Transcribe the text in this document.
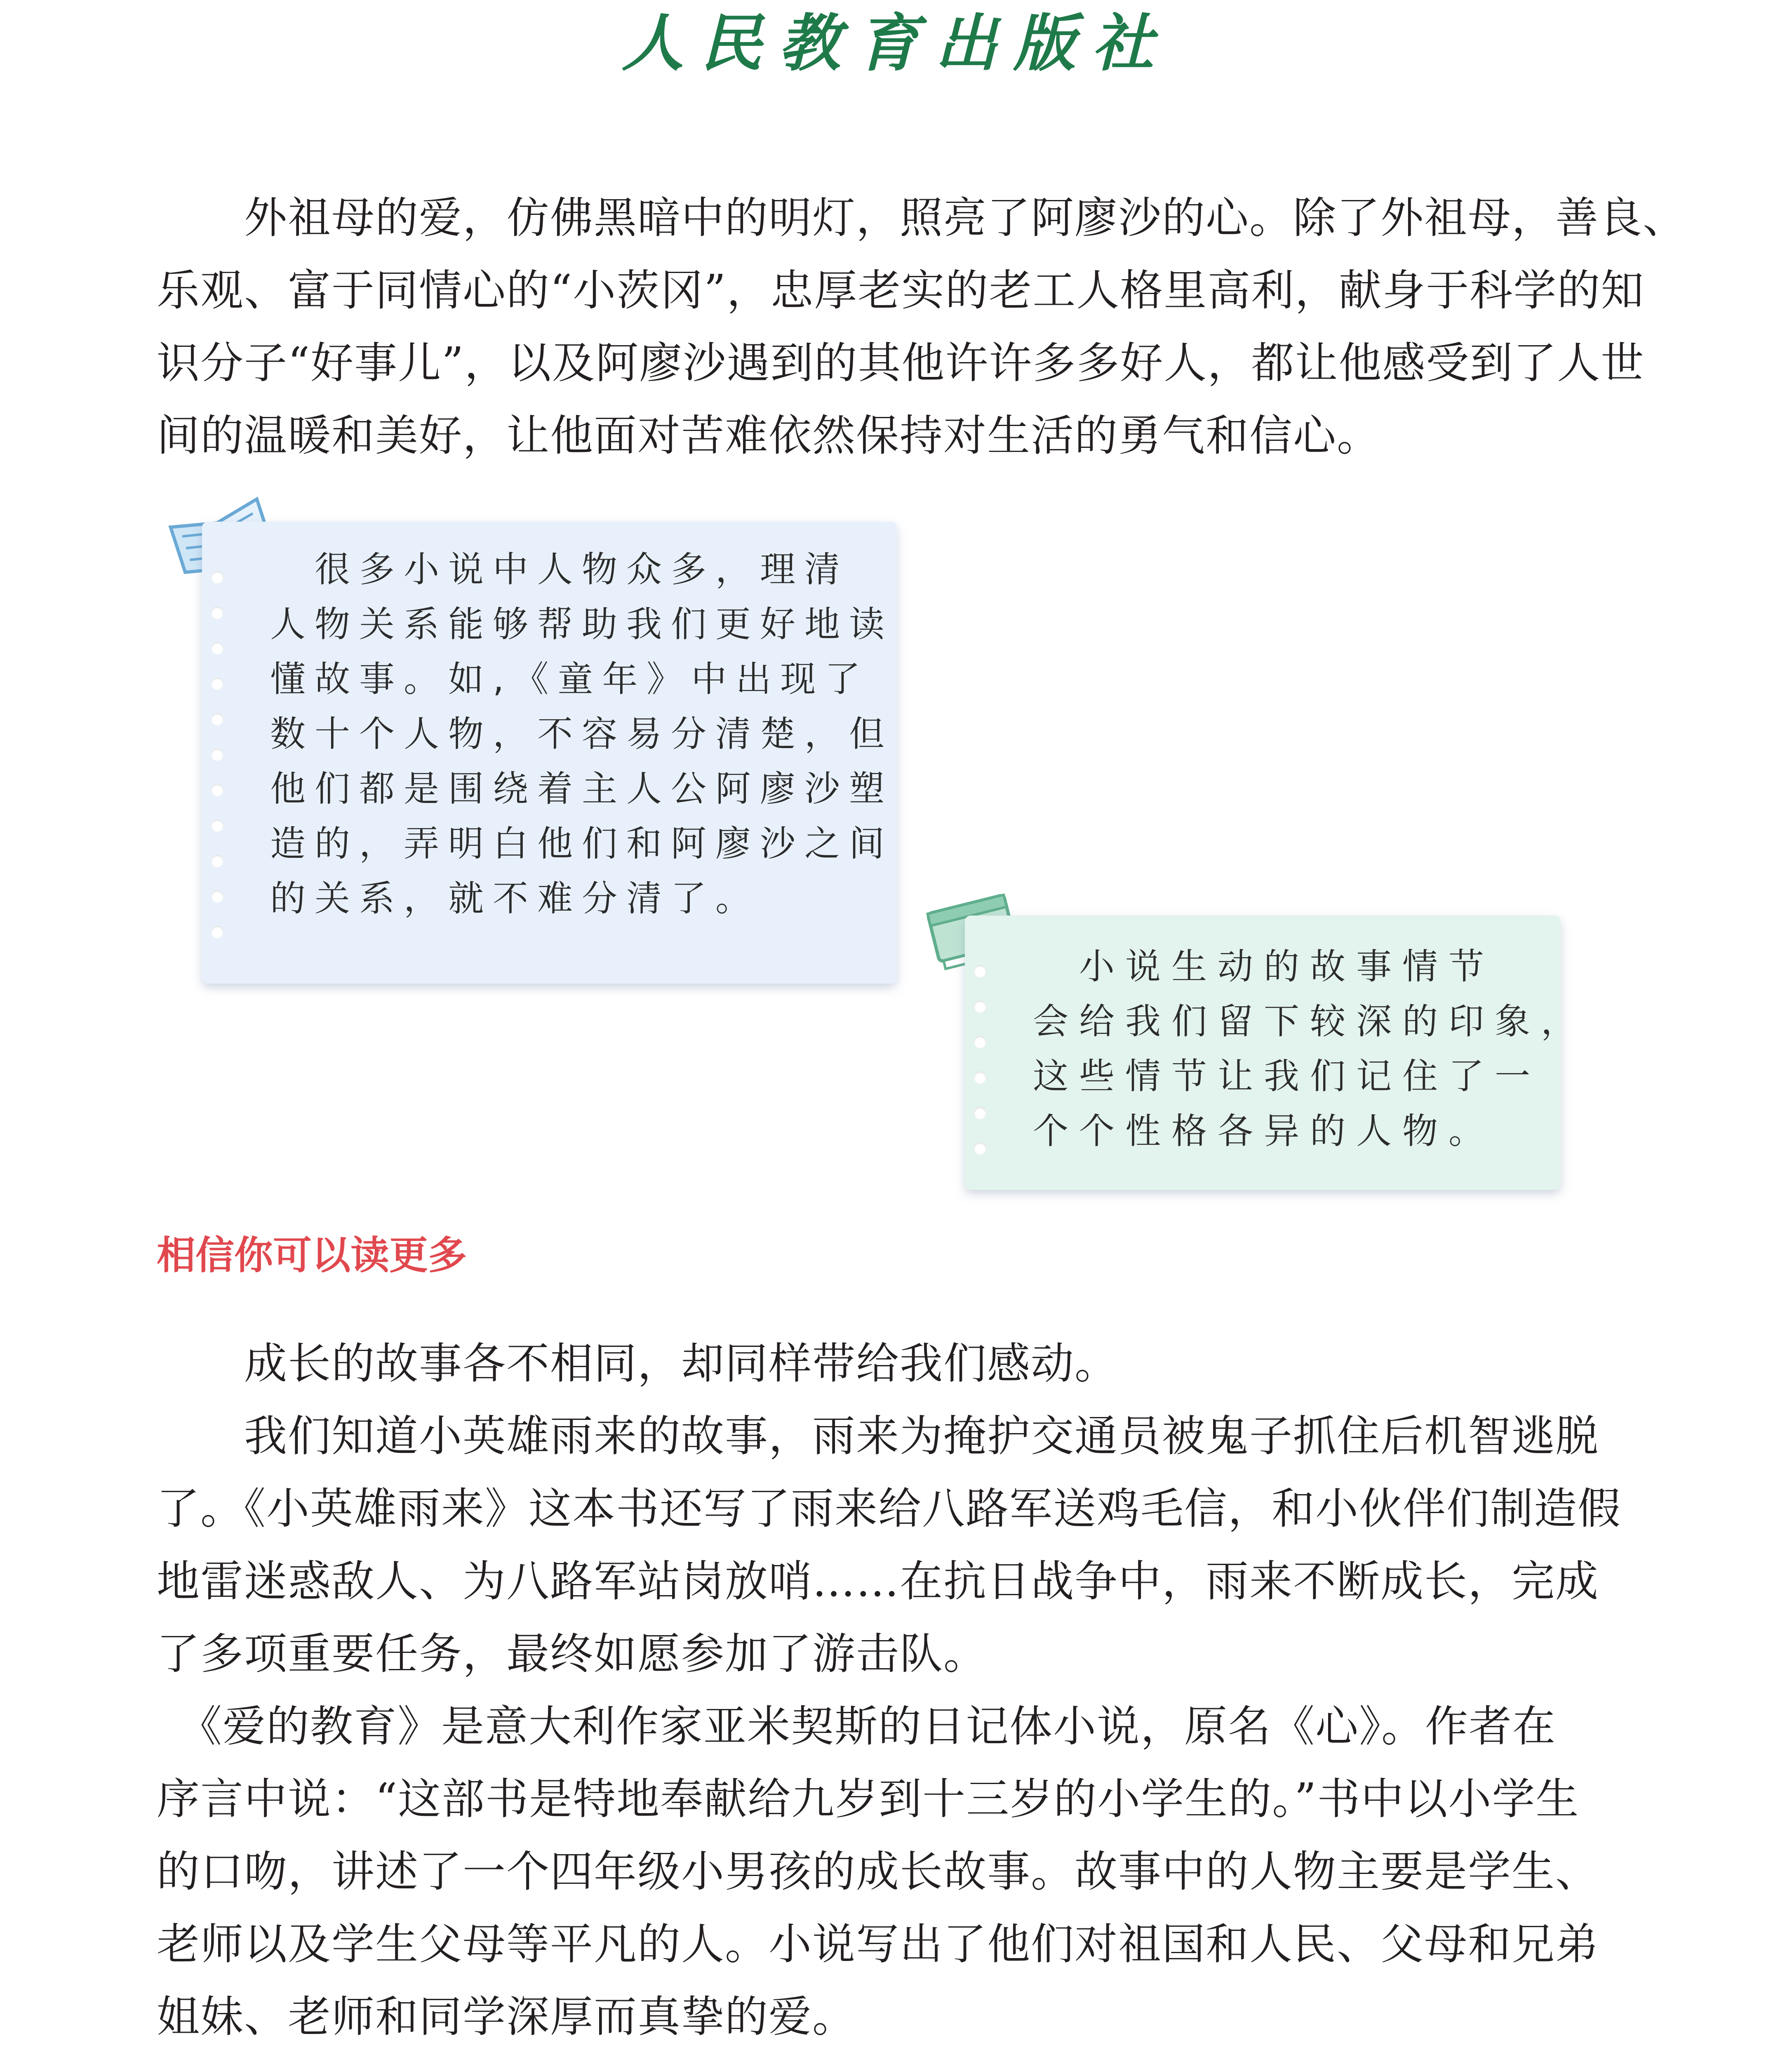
人民教育出版社
　　外祖母的爱，仿佛黑暗中的明灯，照亮了阿廖沙的心。除了外祖母，善良、
乐观、富于同情心的“小茨冈”，忠厚老实的老工人格里高利，献身于科学的知
识分子“好事儿”，以及阿廖沙遇到的其他许许多多好人，都让他感受到了人世
间的温暖和美好，让他面对苦难依然保持对生活的勇气和信心。

　很多小说中人物众多，理清
人物关系能够帮助我们更好地读
懂故事。如,《童年》中出现了
数十个人物，不容易分清楚，但
他们都是围绕着主人公阿廖沙塑
造的，弄明白他们和阿廖沙之间
的关系，就不难分清了。

　小说生动的故事情节
会给我们留下较深的印象，
这些情节让我们记住了一
个个性格各异的人物。

相信你可以读更多
　　成长的故事各不相同，却同样带给我们感动。
　　我们知道小英雄雨来的故事，雨来为掩护交通员被鬼子抓住后机智逃脱
了。《小英雄雨来》这本书还写了雨来给八路军送鸡毛信，和小伙伴们制造假
地雷迷惑敌人、为八路军站岗放哨……在抗日战争中，雨来不断成长，完成
了多项重要任务，最终如愿参加了游击队。
　《爱的教育》是意大利作家亚米契斯的日记体小说，原名《心》。作者在
序言中说：“这部书是特地奉献给九岁到十三岁的小学生的。”书中以小学生
的口吻，讲述了一个四年级小男孩的成长故事。故事中的人物主要是学生、
老师以及学生父母等平凡的人。小说写出了他们对祖国和人民、父母和兄弟
姐妹、老师和同学深厚而真挚的爱。
